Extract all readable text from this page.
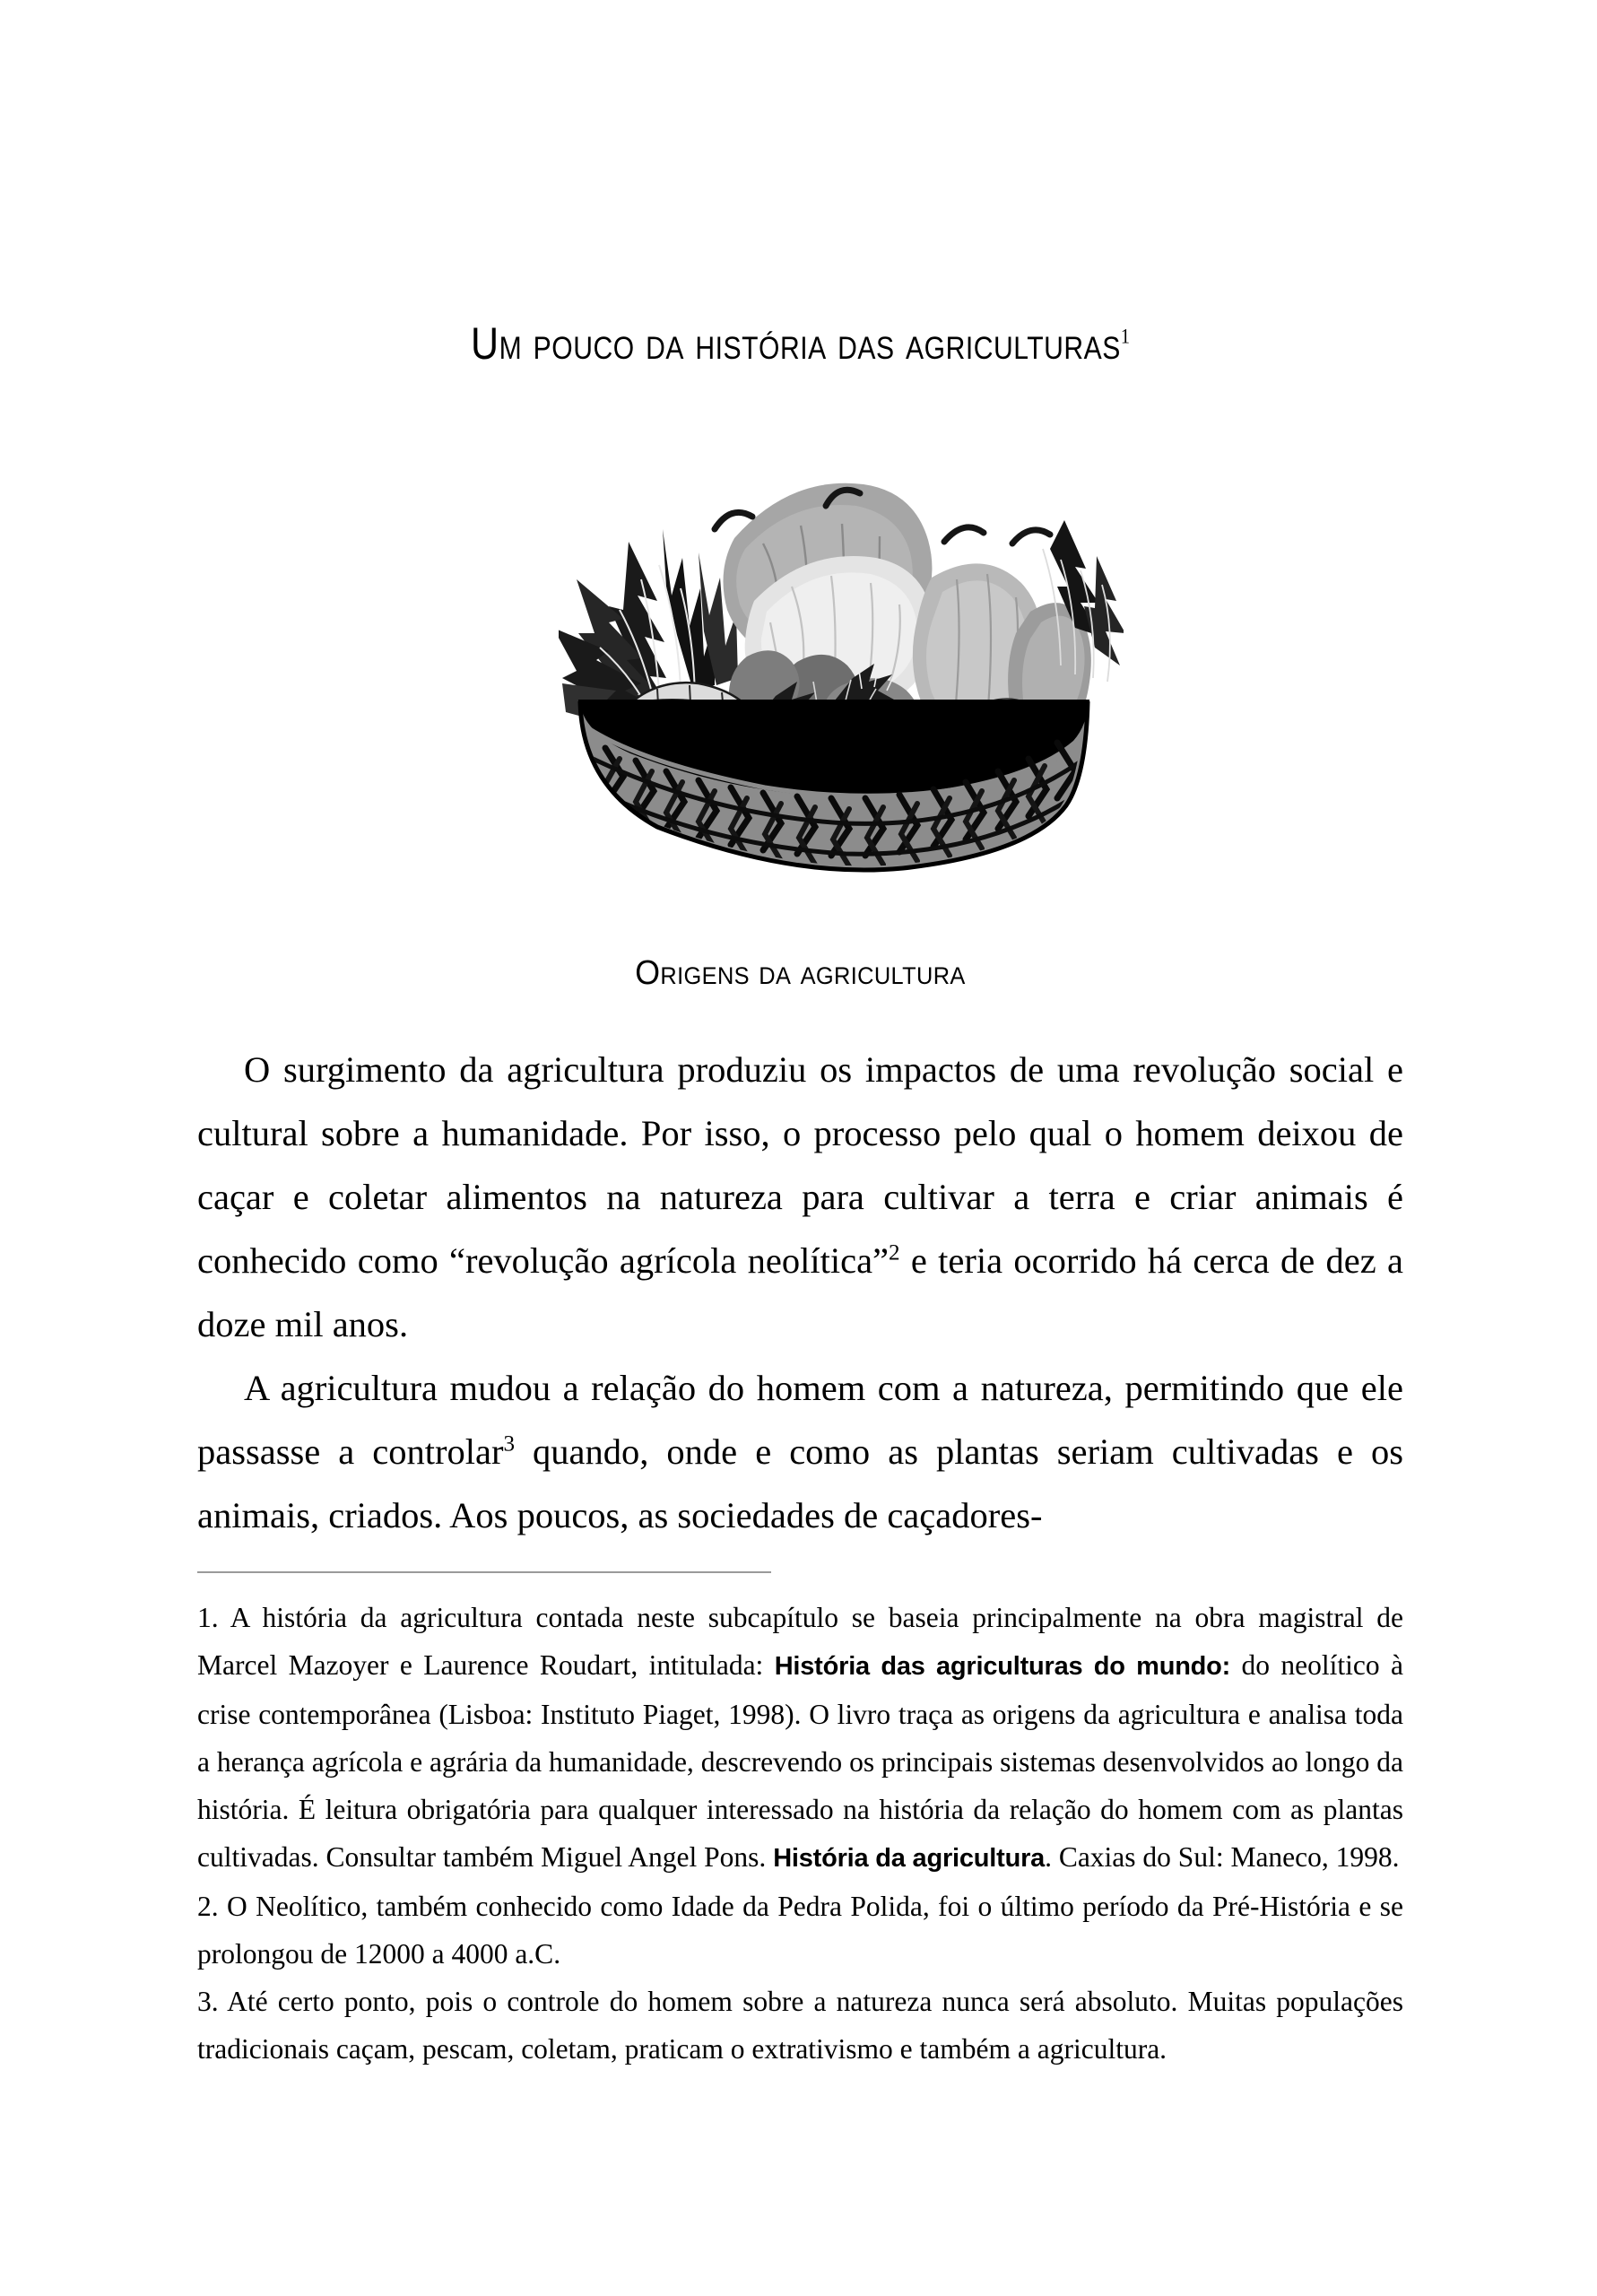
Um pouco da história das agriculturas$^1$
Origens da agricultura

O surgimento da agricultura produziu os impactos de uma revolução social e cultural sobre a humanidade. Por isso, o processo pelo qual o homem deixou de caçar e coletar alimentos na natureza para cultivar a terra e criar animais é conhecido como “revolução agrícola neolítica”$^2$ e teria ocorrido há cerca de dez a doze mil anos.

A agricultura mudou a relação do homem com a natureza, permitindo que ele passasse a controlar$^3$ quando, onde e como as plantas seriam cultivadas e os animais, criados. Aos poucos, as sociedades de caçadores-

1. A história da agricultura contada neste subcapítulo se baseia principalmente na obra magistral de Marcel Mazoyer e Laurence Roudart, intitulada: História das agriculturas do mundo: do neolítico à crise contemporânea (Lisboa: Instituto Piaget, 1998). O livro traça as origens da agricultura e analisa toda a herança agrícola e agrária da humanidade, descrevendo os principais sistemas desenvolvidos ao longo da história. É leitura obrigatória para qualquer interessado na história da relação do homem com as plantas cultivadas. Consultar também Miguel Angel Pons. História da agricultura. Caxias do Sul: Maneco, 1998.

2. O Neolítico, também conhecido como Idade da Pedra Polida, foi o último período da Pré-História e se prolongou de 12000 a 4000 a.C.

3. Até certo ponto, pois o controle do homem sobre a natureza nunca será absoluto. Muitas populações tradicionais caçam, pescam, coletam, praticam o extrativismo e também a agricultura.
